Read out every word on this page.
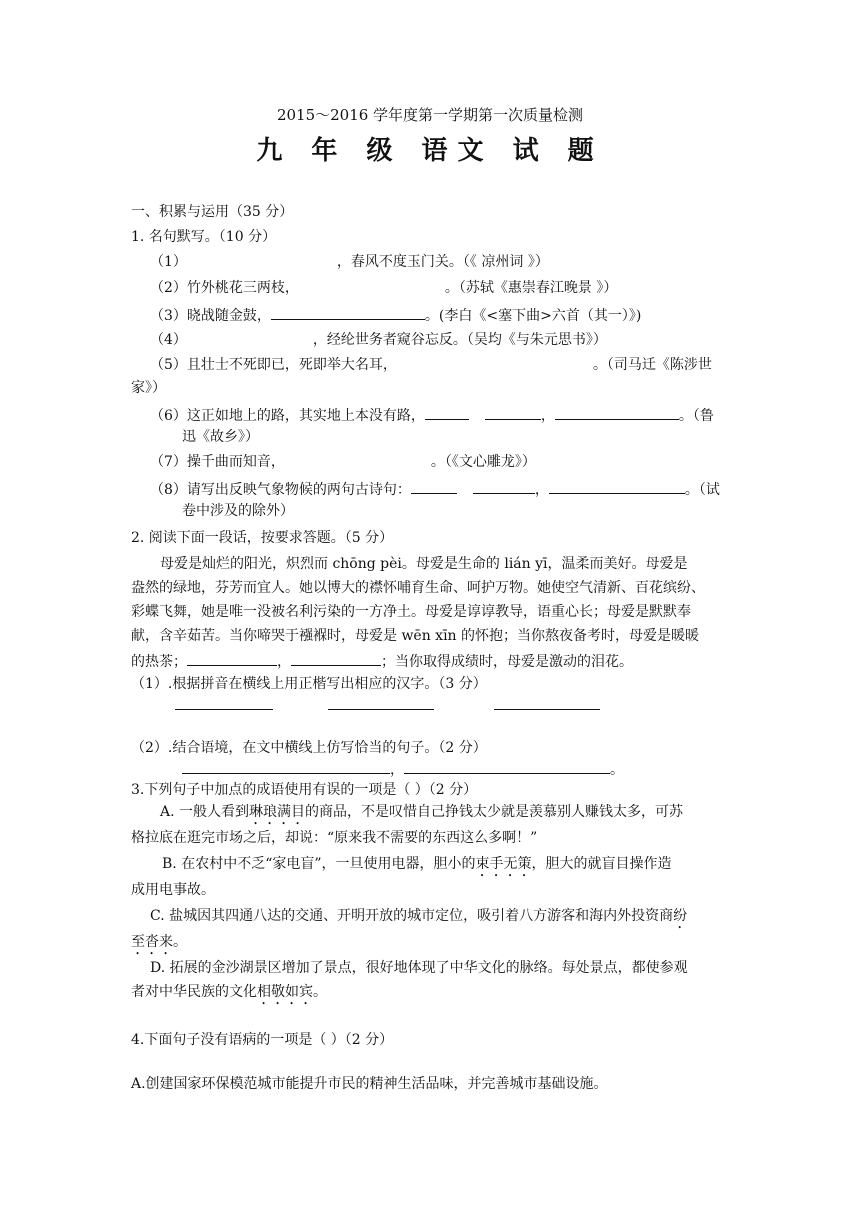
2015～2016 学年度第一学期第一次质量检测
九 年 级 语文 试 题
一、积累与运用（35 分）
1. 名句默写。（10 分）
（1）	，春风不度玉门关。（《 凉州词 》）
（2）竹外桃花三两枝，	。（苏轼《惠崇春江晚景 》）
（3）晓战随金鼓，	。(李白《<塞下曲>六首（其一）》)
（4）	，经纶世务者窥谷忘反。（吴均《与朱元思书》）
（5）且壮士不死即已，死即举大名耳，	。（司马迁《陈涉世
家》）
（6）这正如地上的路，其实地上本没有路，	，	。（鲁
迅《故乡》）
（7）操千曲而知音，	。（《文心雕龙》）
（8）请写出反映气象物候的两句古诗句：	，	。（试
卷中涉及的除外）
2. 阅读下面一段话，按要求答题。（5 分）
母爱是灿烂的阳光，炽烈而 chōng pèi。母爱是生命的 lián yī，温柔而美好。母爱是
盎然的绿地，芬芳而宜人。她以博大的襟怀哺育生命、呵护万物。她使空气清新、百花缤纷、
彩蝶飞舞，她是唯一没被名利污染的一方净土。母爱是谆谆教导，语重心长；母爱是默默奉
献，含辛茹苦。当你啼哭于襁褓时，母爱是 wēn xīn 的怀抱；当你熬夜备考时，母爱是暖暖
的热茶；	，	；当你取得成绩时，母爱是激动的泪花。
（1）.根据拼音在横线上用正楷写出相应的汉字。（3 分）
（2）.结合语境，在文中横线上仿写恰当的句子。（2 分）
，	。
3.下列句子中加点的成语使用有误的一项是（ ）（2 分）
A. 一般人看到琳琅满目的商品，不是叹惜自己挣钱太少就是羡慕别人赚钱太多，可苏
格拉底在逛完市场之后，却说：“原来我不需要的东西这么多啊！”
B. 在农村中不乏“家电盲”，一旦使用电器，胆小的束手无策，胆大的就盲目操作造
成用电事故。
C. 盐城因其四通八达的交通、开明开放的城市定位，吸引着八方游客和海内外投资商纷
至沓来。
D. 拓展的金沙湖景区增加了景点，很好地体现了中华文化的脉络。每处景点，都使参观
者对中华民族的文化相敬如宾。
4.下面句子没有语病的一项是（ ）（2 分）
A.创建国家环保模范城市能提升市民的精神生活品味，并完善城市基础设施。
